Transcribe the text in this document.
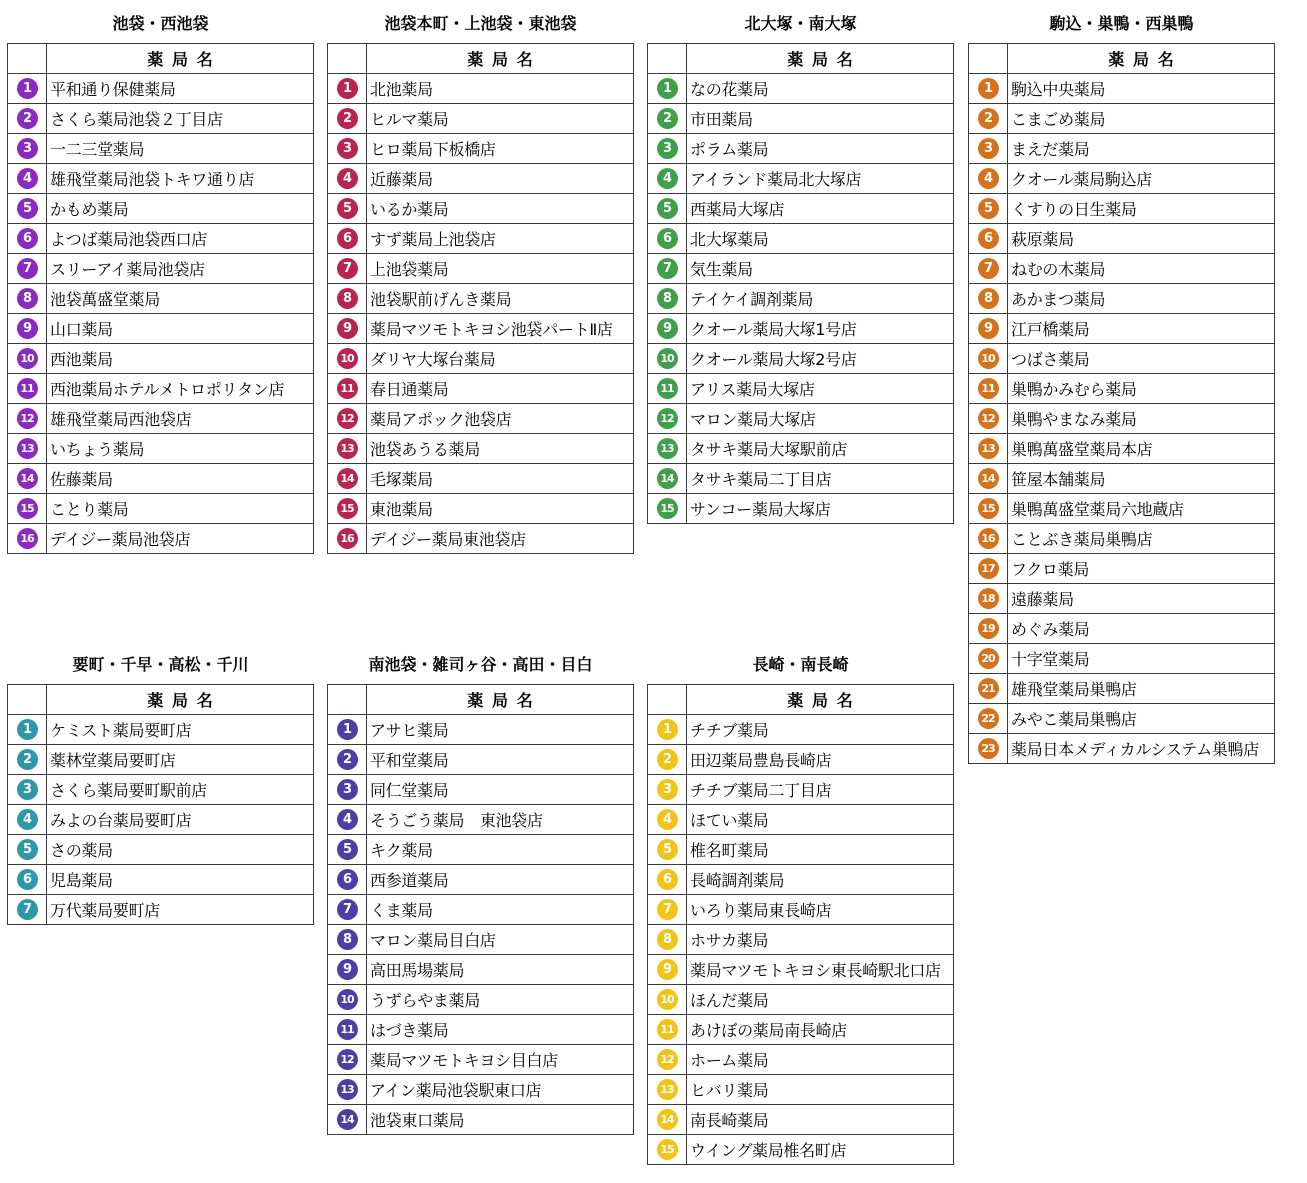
池袋・西池袋
	薬局名
1	平和通り保健薬局
2	さくら薬局池袋２丁目店
3	一二三堂薬局
4	雄飛堂薬局池袋トキワ通り店
5	かもめ薬局
6	よつば薬局池袋西口店
7	スリーアイ薬局池袋店
8	池袋萬盛堂薬局
9	山口薬局
10	西池薬局
11	西池薬局ホテルメトロポリタン店
12	雄飛堂薬局西池袋店
13	いちょう薬局
14	佐藤薬局
15	ことり薬局
16	デイジー薬局池袋店
池袋本町・上池袋・東池袋
	薬局名
1	北池薬局
2	ヒルマ薬局
3	ヒロ薬局下板橋店
4	近藤薬局
5	いるか薬局
6	すず薬局上池袋店
7	上池袋薬局
8	池袋駅前げんき薬局
9	薬局マツモトキヨシ池袋パートⅡ店
10	ダリヤ大塚台薬局
11	春日通薬局
12	薬局アポック池袋店
13	池袋あうる薬局
14	毛塚薬局
15	東池薬局
16	デイジー薬局東池袋店
北大塚・南大塚
	薬局名
1	なの花薬局
2	市田薬局
3	ポラム薬局
4	アイランド薬局北大塚店
5	西薬局大塚店
6	北大塚薬局
7	気生薬局
8	テイケイ調剤薬局
9	クオール薬局大塚1号店
10	クオール薬局大塚2号店
11	アリス薬局大塚店
12	マロン薬局大塚店
13	タサキ薬局大塚駅前店
14	タサキ薬局二丁目店
15	サンコー薬局大塚店
駒込・巣鴨・西巣鴨
	薬局名
1	駒込中央薬局
2	こまごめ薬局
3	まえだ薬局
4	クオール薬局駒込店
5	くすりの日生薬局
6	萩原薬局
7	ねむの木薬局
8	あかまつ薬局
9	江戸橋薬局
10	つばさ薬局
11	巣鴨かみむら薬局
12	巣鴨やまなみ薬局
13	巣鴨萬盛堂薬局本店
14	笹屋本舗薬局
15	巣鴨萬盛堂薬局六地蔵店
16	ことぶき薬局巣鴨店
17	フクロ薬局
18	遠藤薬局
19	めぐみ薬局
20	十字堂薬局
21	雄飛堂薬局巣鴨店
22	みやこ薬局巣鴨店
23	薬局日本メディカルシステム巣鴨店
要町・千早・高松・千川
	薬局名
1	ケミスト薬局要町店
2	薬林堂薬局要町店
3	さくら薬局要町駅前店
4	みよの台薬局要町店
5	さの薬局
6	児島薬局
7	万代薬局要町店
南池袋・雑司ヶ谷・高田・目白
	薬局名
1	アサヒ薬局
2	平和堂薬局
3	同仁堂薬局
4	そうごう薬局　東池袋店
5	キク薬局
6	西参道薬局
7	くま薬局
8	マロン薬局目白店
9	高田馬場薬局
10	うずらやま薬局
11	はづき薬局
12	薬局マツモトキヨシ目白店
13	アイン薬局池袋駅東口店
14	池袋東口薬局
長崎・南長崎
	薬局名
1	チチブ薬局
2	田辺薬局豊島長崎店
3	チチブ薬局二丁目店
4	ほてい薬局
5	椎名町薬局
6	長崎調剤薬局
7	いろり薬局東長崎店
8	ホサカ薬局
9	薬局マツモトキヨシ東長崎駅北口店
10	ほんだ薬局
11	あけぼの薬局南長崎店
12	ホーム薬局
13	ヒバリ薬局
14	南長崎薬局
15	ウイング薬局椎名町店
